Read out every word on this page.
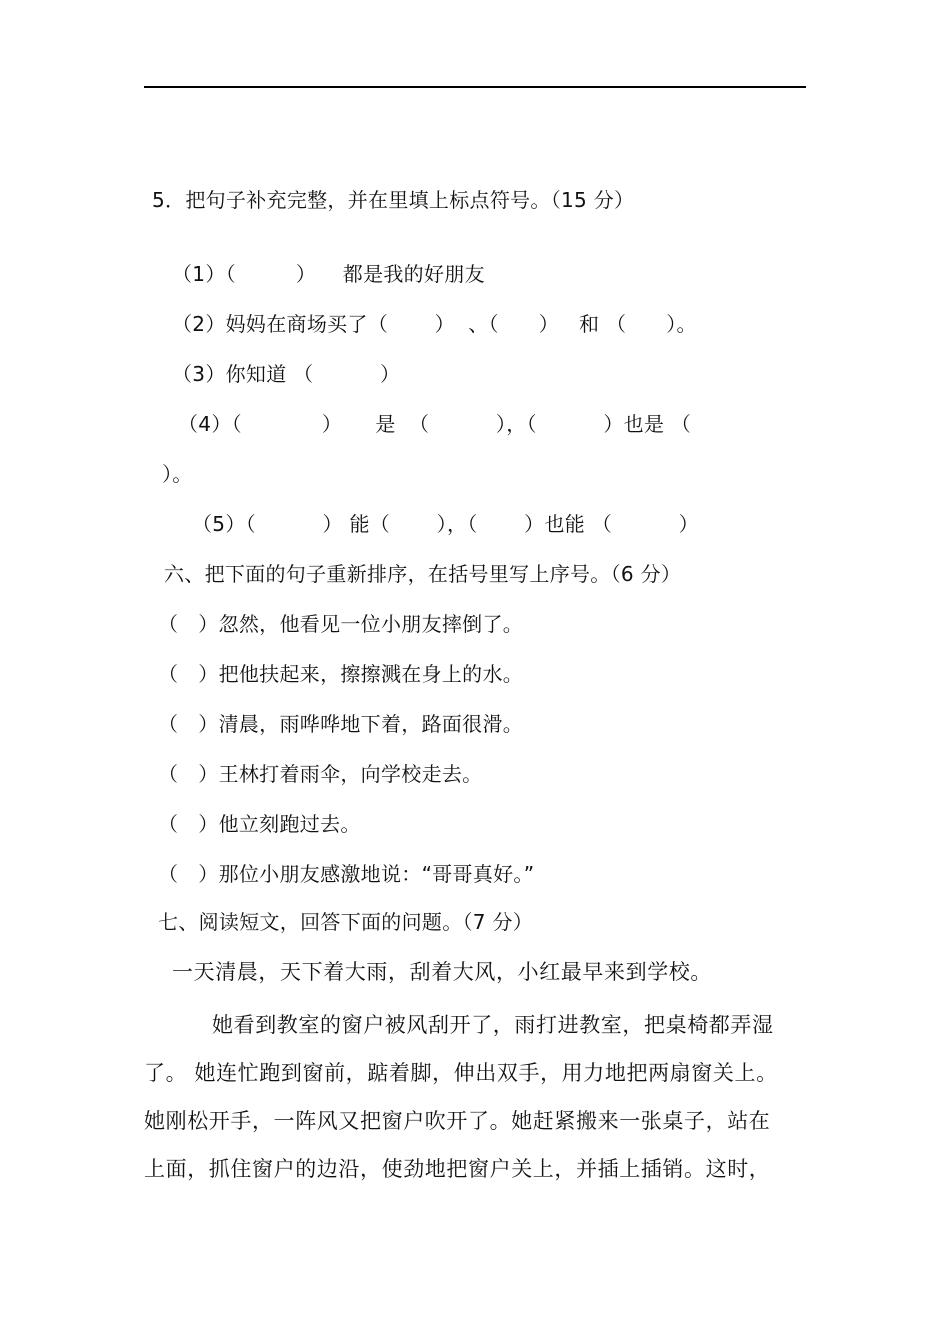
5．把句子补充完整，并在里填上标点符号。（15 分）
（1）（         ）    都是我的好朋友
（2）妈妈在商场买了（       ）  、（      ）   和 （      ）。
（3）你知道 （          ）
（4）（            ）     是  （          ），（          ）也是 （
）。
（5）（          ） 能（       ），（       ）也能 （          ）
六、把下面的句子重新排序，在括号里写上序号。（6 分）
（   ）忽然，他看见一位小朋友摔倒了。
（   ）把他扶起来，擦擦溅在身上的水。
（   ）清晨，雨哗哗地下着，路面很滑。
（   ）王林打着雨伞，向学校走去。
（   ）他立刻跑过去。
（   ）那位小朋友感激地说：“哥哥真好。”
七、阅读短文，回答下面的问题。（7 分）
一天清晨，天下着大雨，刮着大风，小红最早来到学校。
她看到教室的窗户被风刮开了，雨打进教室，把桌椅都弄湿
了。 她连忙跑到窗前，踮着脚，伸出双手，用力地把两扇窗关上。
她刚松开手，一阵风又把窗户吹开了。她赶紧搬来一张桌子，站在
上面，抓住窗户的边沿，使劲地把窗户关上，并插上插销。这时，
